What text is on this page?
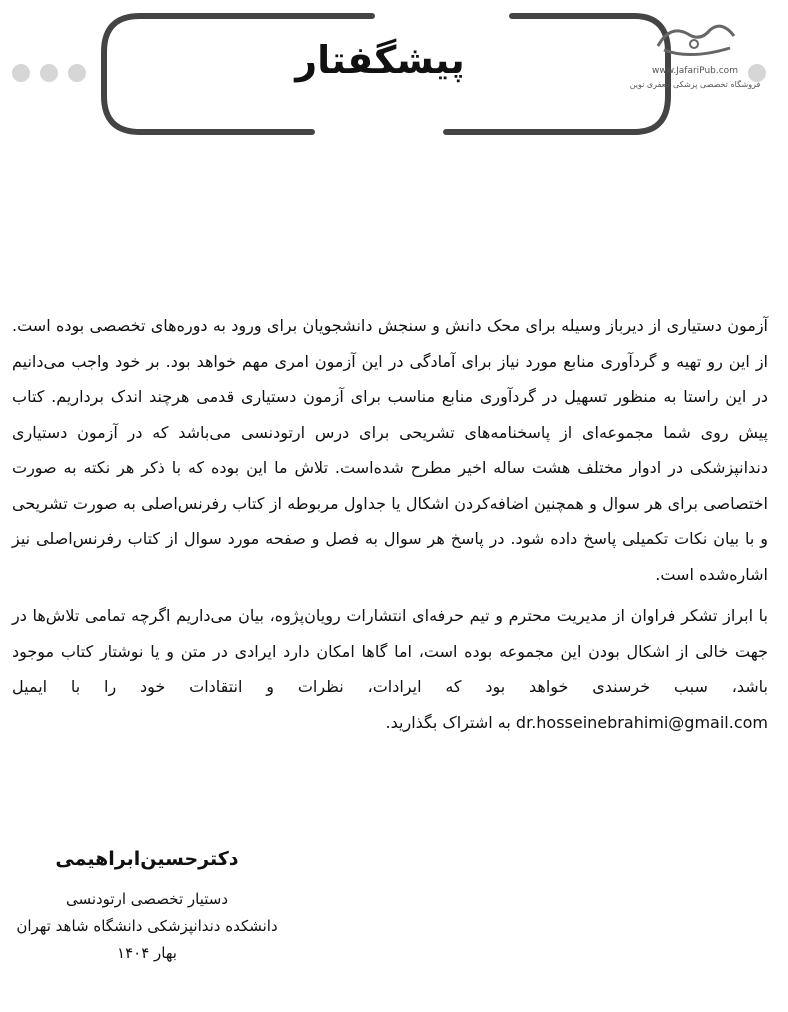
پیشگفتار	www.JafariPub.com
فروشگاه تخصصی پزشکی جعفری نوین

آزمون دستیاری از دیرباز وسیله برای محک دانش و سنجش دانشجویان برای ورود به دوره‌های تخصصی بوده است. از این رو تهیه و گردآوری منابع مورد نیاز برای آمادگی در این آزمون امری مهم خواهد بود. بر خود واجب می‌دانیم در این راستا به منظور تسهیل در گردآوری منابع مناسب برای آزمون دستیاری قدمی هرچند اندک برداریم. کتاب پیش روی شما مجموعه‌ای از پاسخنامه‌های تشریحی برای درس ارتودنسی می‌باشد که در آزمون دستیاری دندانپزشکی در ادوار مختلف هشت ساله اخیر مطرح شده‌است. تلاش ما این بوده که با ذکر هر نکته به صورت اختصاصی برای هر سوال و همچنین اضافه‌کردن اشکال یا جداول مربوطه از کتاب رفرنس‌اصلی به صورت تشریحی و با بیان نکات تکمیلی پاسخ داده شود. در پاسخ هر سوال به فصل و صفحه مورد سوال از کتاب رفرنس‌اصلی نیز اشاره‌شده است.

با ابراز تشکر فراوان از مدیریت محترم و تیم حرفه‌ای انتشارات رویان‌پژوه، بیان می‌داریم اگرچه تمامی تلاش‌ها در جهت خالی از اشکال بودن این مجموعه بوده است، اما گاها امکان دارد ایرادی در متن و یا نوشتار کتاب موجود باشد، سبب خرسندی خواهد بود که ایرادات، نظرات و انتقادات خود را با ایمیل dr.hosseinebrahimi@gmail.com به اشتراک بگذارید.

دکترحسین‌ابراهیمی
دستیار تخصصی ارتودنسی
دانشکده دندانپزشکی دانشگاه شاهد تهران
بهار ۱۴۰۴
